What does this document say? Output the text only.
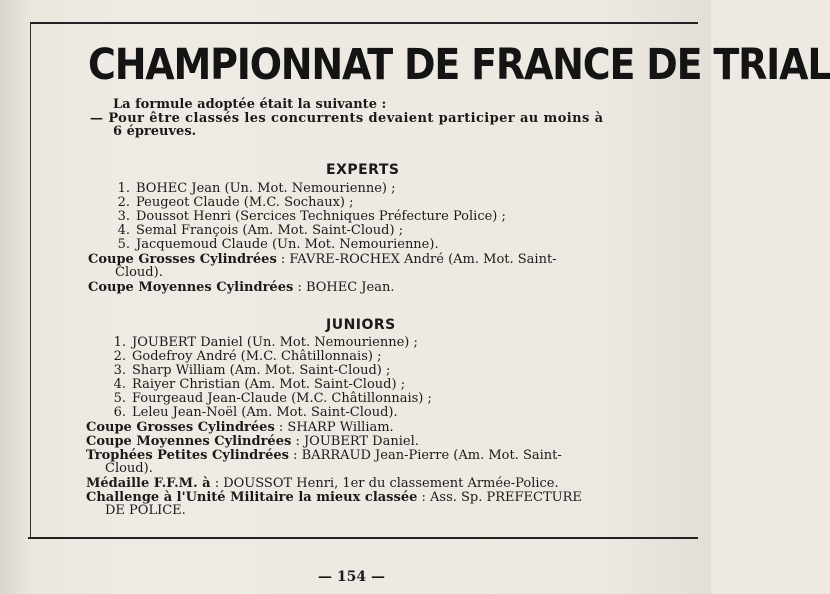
CHAMPIONNAT DE FRANCE DE TRIAL
La formule adoptée était la suivante :
— Pour être classés les concurrents devaient participer au moins à
6 épreuves.
EXPERTS
1. BOHEC Jean (Un. Mot. Nemourienne) ;
2. Peugeot Claude (M.C. Sochaux) ;
3. Doussot Henri (Sercices Techniques Préfecture Police) ;
4. Semal François (Am. Mot. Saint-Cloud) ;
5. Jacquemoud Claude (Un. Mot. Nemourienne).
Coupe Grosses Cylindrées : FAVRE-ROCHEX André (Am. Mot. Saint-
Cloud).
Coupe Moyennes Cylindrées : BOHEC Jean.
JUNIORS
1. JOUBERT Daniel (Un. Mot. Nemourienne) ;
2. Godefroy André (M.C. Châtillonnais) ;
3. Sharp William (Am. Mot. Saint-Cloud) ;
4. Raiyer Christian (Am. Mot. Saint-Cloud) ;
5. Fourgeaud Jean-Claude (M.C. Châtillonnais) ;
6. Leleu Jean-Noël (Am. Mot. Saint-Cloud).
Coupe Grosses Cylindrées : SHARP William.
Coupe Moyennes Cylindrées : JOUBERT Daniel.
Trophées Petites Cylindrées : BARRAUD Jean-Pierre (Am. Mot. Saint-
Cloud).
Médaille F.F.M. à : DOUSSOT Henri, 1er du classement Armée-Police.
Challenge à l'Unité Militaire la mieux classée : Ass. Sp. PREFECTURE
DE POLICE.
— 154 —
